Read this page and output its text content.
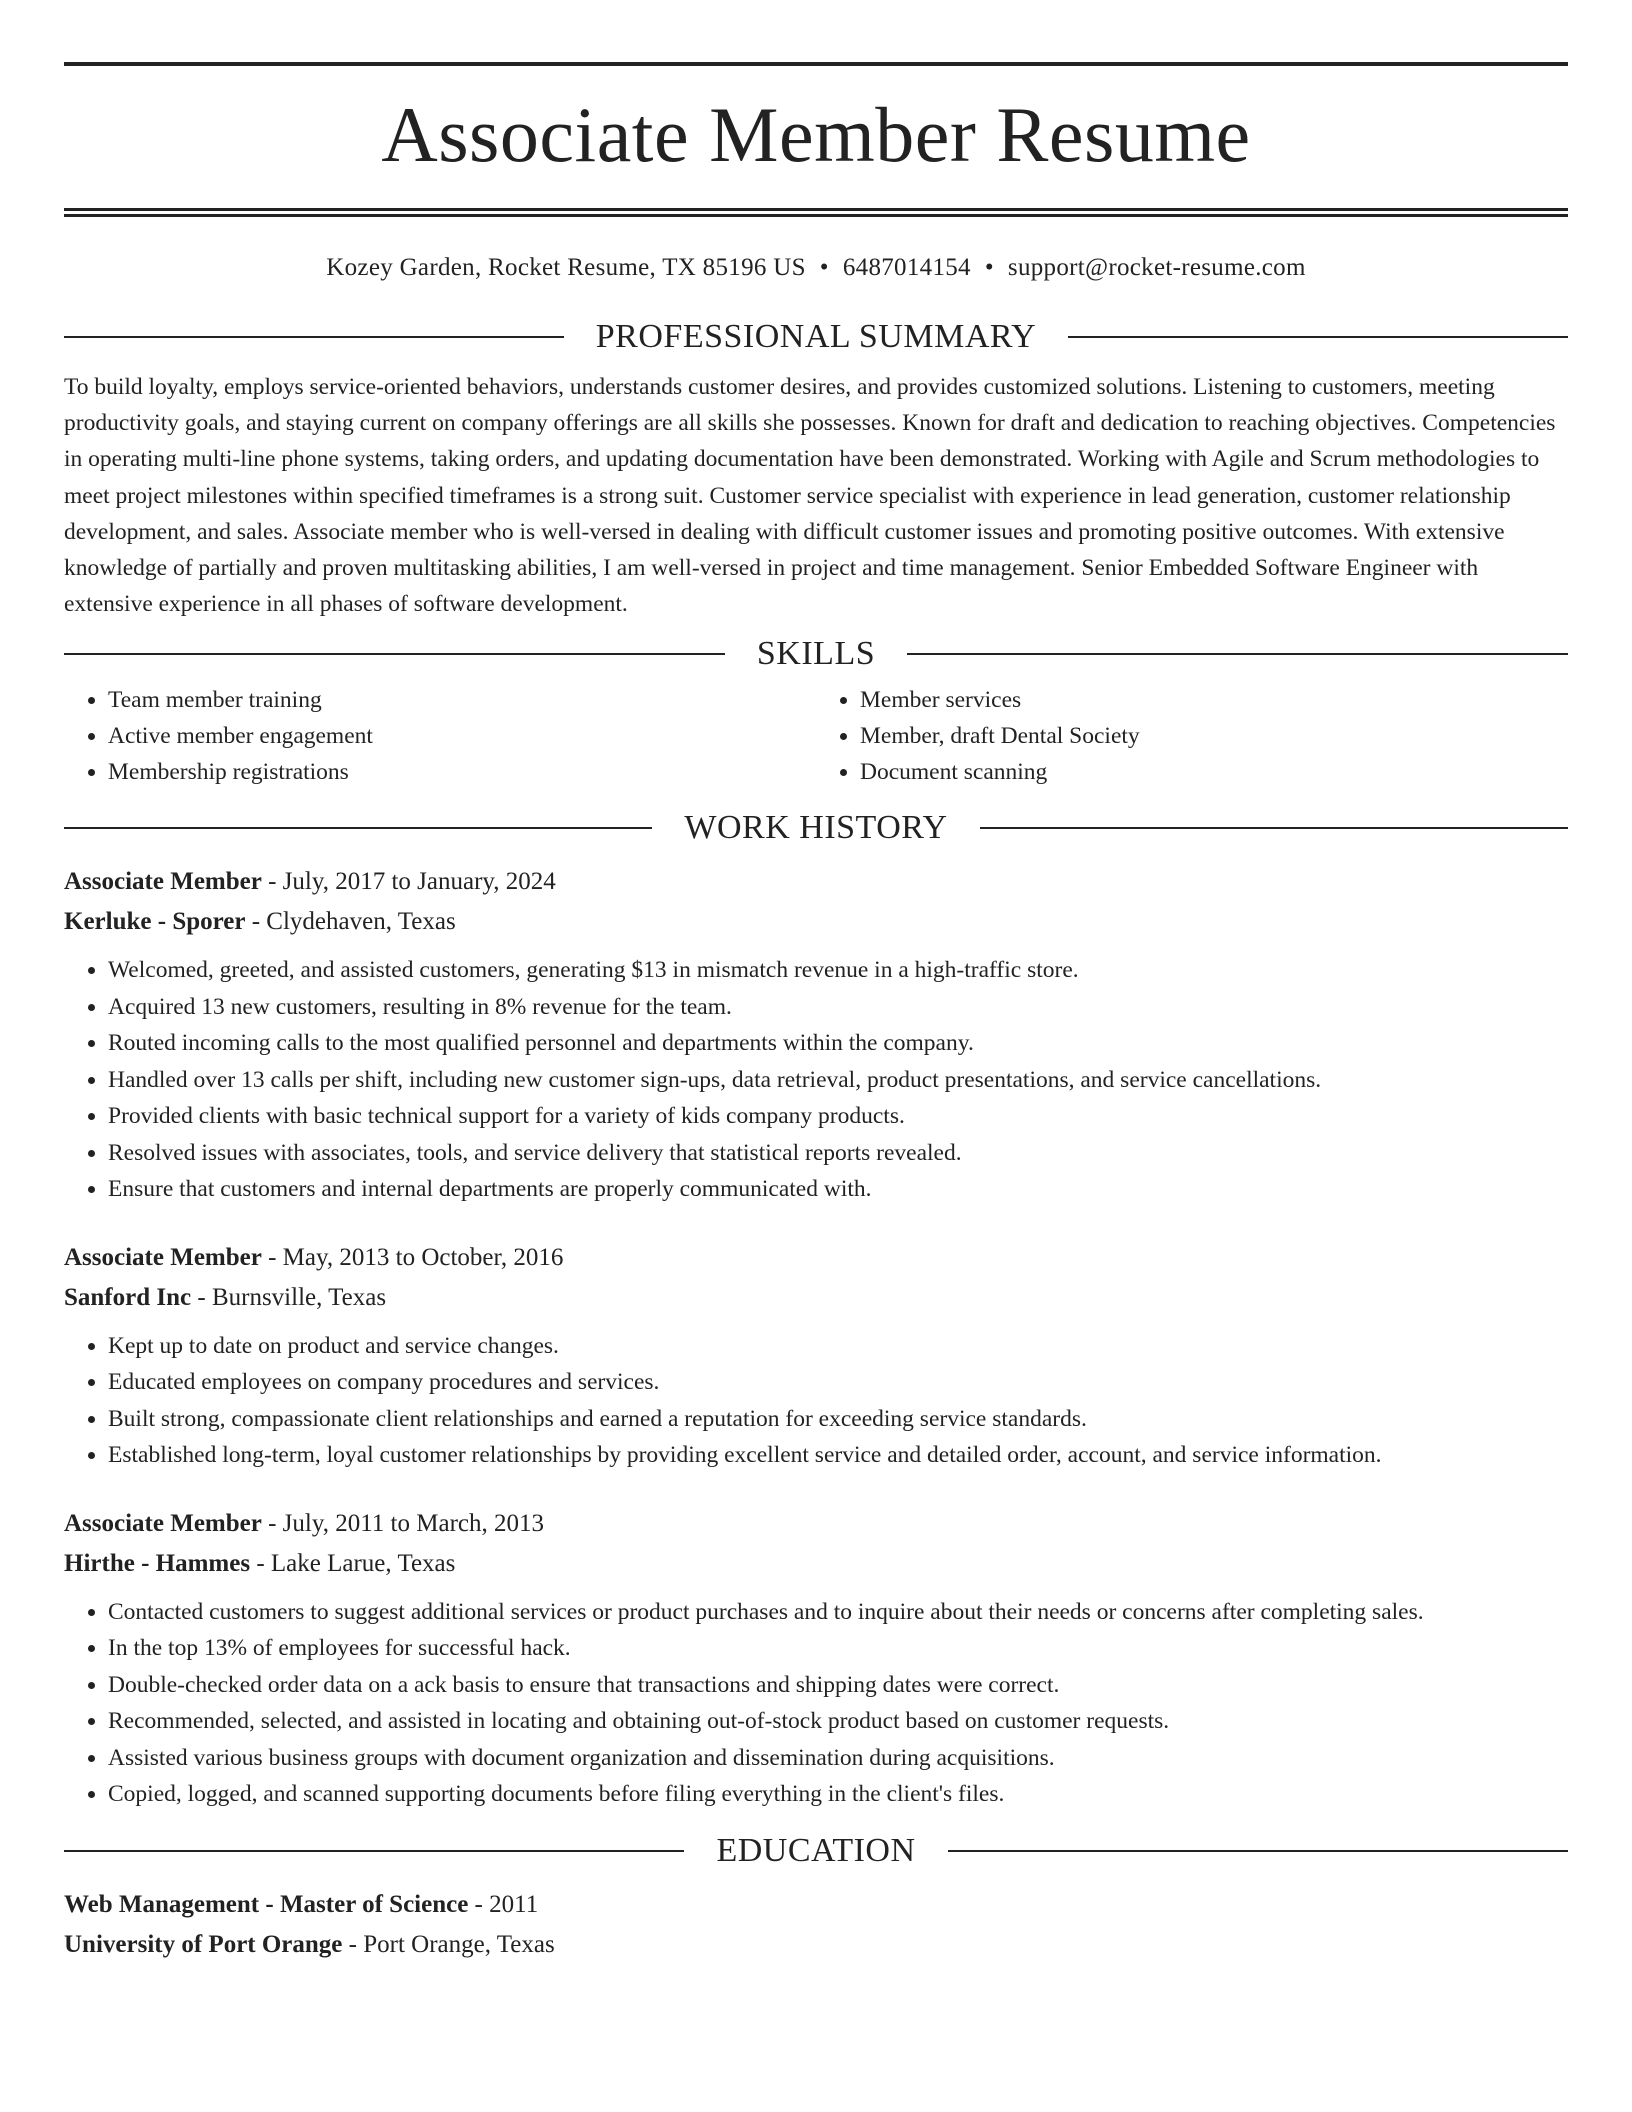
Associate Member Resume
Kozey Garden, Rocket Resume, TX 85196 US • 6487014154 • support@rocket-resume.com
PROFESSIONAL SUMMARY

To build loyalty, employs service-oriented behaviors, understands customer desires, and provides customized solutions. Listening to customers, meeting productivity goals, and staying current on company offerings are all skills she possesses. Known for draft and dedication to reaching objectives. Competencies in operating multi-line phone systems, taking orders, and updating documentation have been demonstrated. Working with Agile and Scrum methodologies to meet project milestones within specified timeframes is a strong suit. Customer service specialist with experience in lead generation, customer relationship development, and sales. Associate member who is well-versed in dealing with difficult customer issues and promoting positive outcomes. With extensive knowledge of partially and proven multitasking abilities, I am well-versed in project and time management. Senior Embedded Software Engineer with extensive experience in all phases of software development.

SKILLS
• Team member training
• Active member engagement
• Membership registrations
• Member services
• Member, draft Dental Society
• Document scanning
WORK HISTORY
Associate Member - July, 2017 to January, 2024
Kerluke - Sporer - Clydehaven, Texas
• Welcomed, greeted, and assisted customers, generating $13 in mismatch revenue in a high-traffic store.
• Acquired 13 new customers, resulting in 8% revenue for the team.
• Routed incoming calls to the most qualified personnel and departments within the company.
• Handled over 13 calls per shift, including new customer sign-ups, data retrieval, product presentations, and service cancellations.
• Provided clients with basic technical support for a variety of kids company products.
• Resolved issues with associates, tools, and service delivery that statistical reports revealed.
• Ensure that customers and internal departments are properly communicated with.
Associate Member - May, 2013 to October, 2016
Sanford Inc - Burnsville, Texas
• Kept up to date on product and service changes.
• Educated employees on company procedures and services.
• Built strong, compassionate client relationships and earned a reputation for exceeding service standards.
• Established long-term, loyal customer relationships by providing excellent service and detailed order, account, and service information.
Associate Member - July, 2011 to March, 2013
Hirthe - Hammes - Lake Larue, Texas
• Contacted customers to suggest additional services or product purchases and to inquire about their needs or concerns after completing sales.
• In the top 13% of employees for successful hack.
• Double-checked order data on a ack basis to ensure that transactions and shipping dates were correct.
• Recommended, selected, and assisted in locating and obtaining out-of-stock product based on customer requests.
• Assisted various business groups with document organization and dissemination during acquisitions.
• Copied, logged, and scanned supporting documents before filing everything in the client's files.
EDUCATION
Web Management - Master of Science - 2011
University of Port Orange - Port Orange, Texas
